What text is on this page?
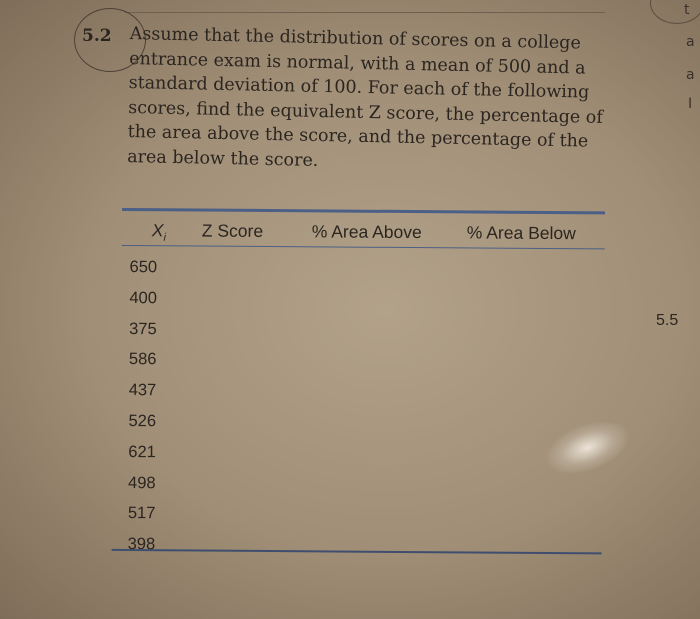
t
a
a
I
5.2 Assume that the distribution of scores on a college entrance exam is normal, with a mean of 500 and a standard deviation of 100. For each of the following scores, find the equivalent Z score, the percentage of the area above the score, and the percentage of the area below the score.
$X_i$ Z Score	% Area Above	% Area Below
650
400
375
586
437
526
621
498
517
398
5.5
